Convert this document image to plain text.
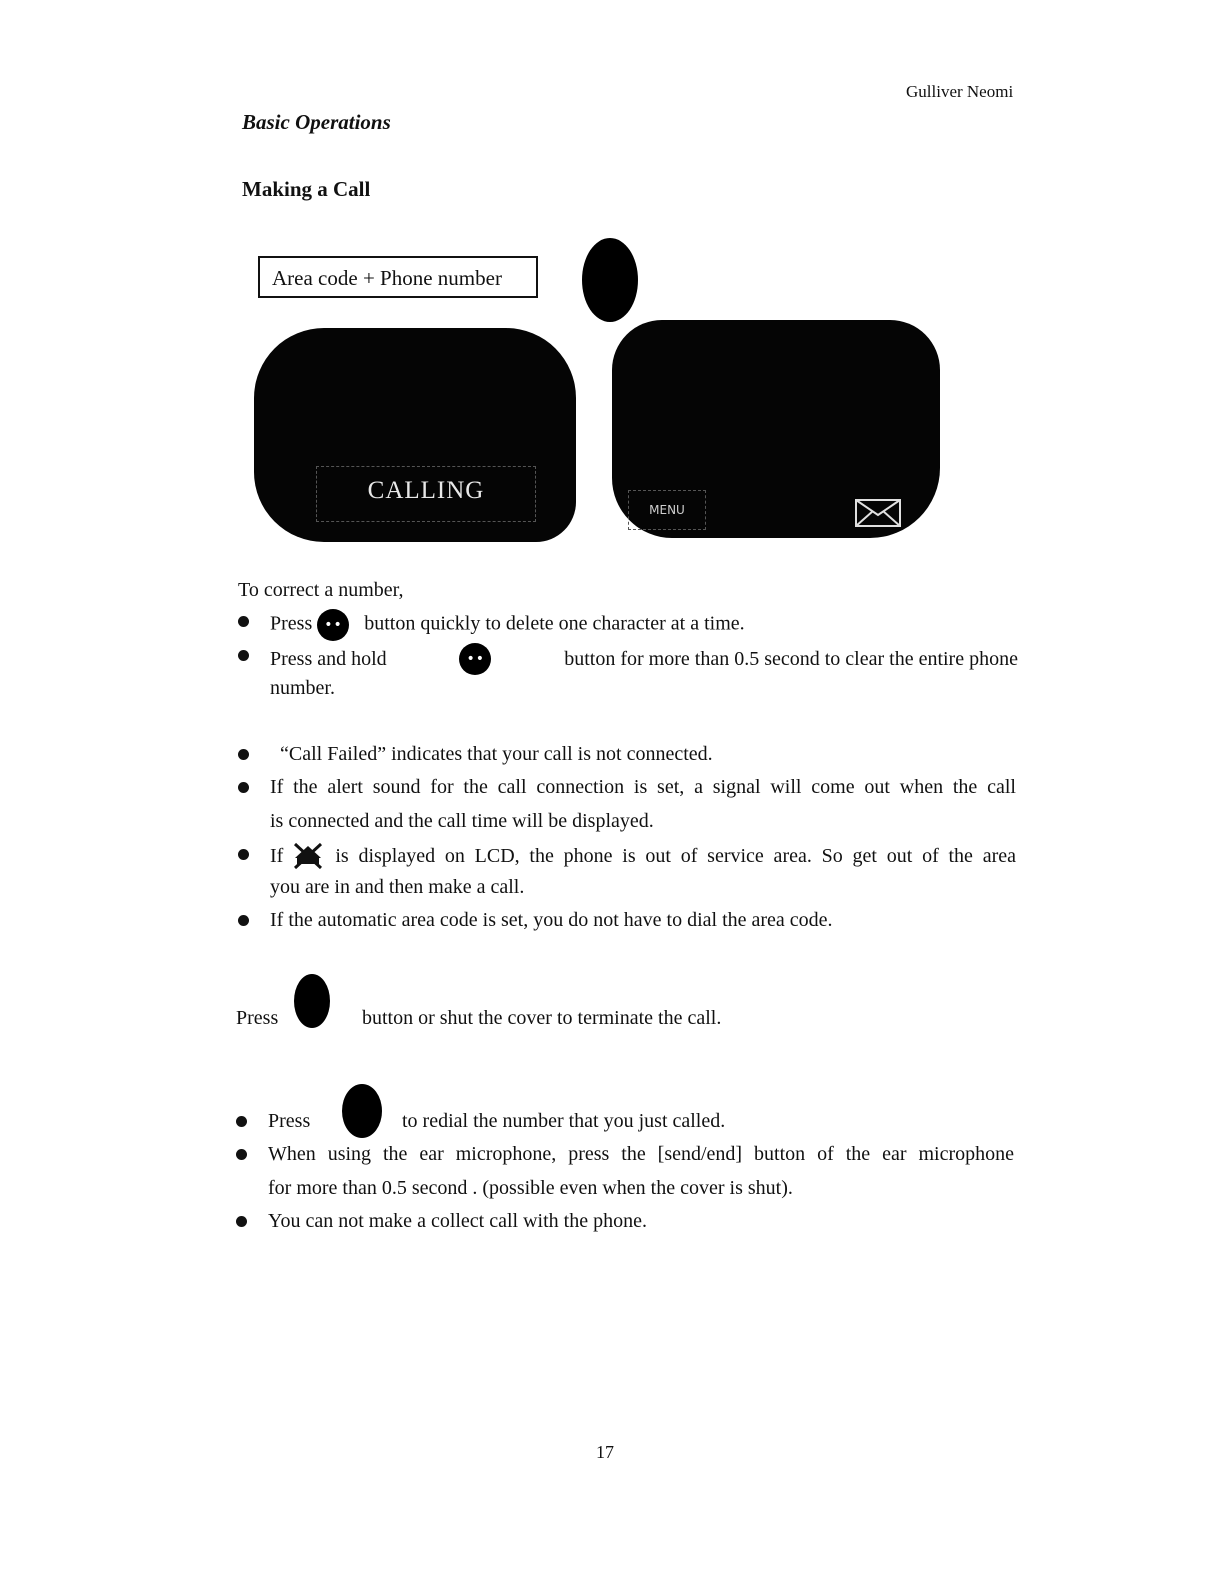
Gulliver Neomi
Basic Operations
Making a Call
Area code + Phone number
CALLING
MENU
To correct a number,
Press ••	button quickly to delete one character at a time.
Press and hold ••	button for more than 0.5 second to clear the entire phone
number.
“Call Failed” indicates that your call is not connected.
If the alert sound for the call connection is set, a signal will come out when the call
is connected and the call time will be displayed.
If	is displayed on LCD, the phone is out of service area. So get out of the area
you are in and then make a call.
If the automatic area code is set, you do not have to dial the area code.
Press	button or shut the cover to terminate the call.
Press	to redial the number that you just called.
When using the ear microphone, press the [send/end] button of the ear microphone
for more than 0.5 second . (possible even when the cover is shut).
You can not make a collect call with the phone.
17
